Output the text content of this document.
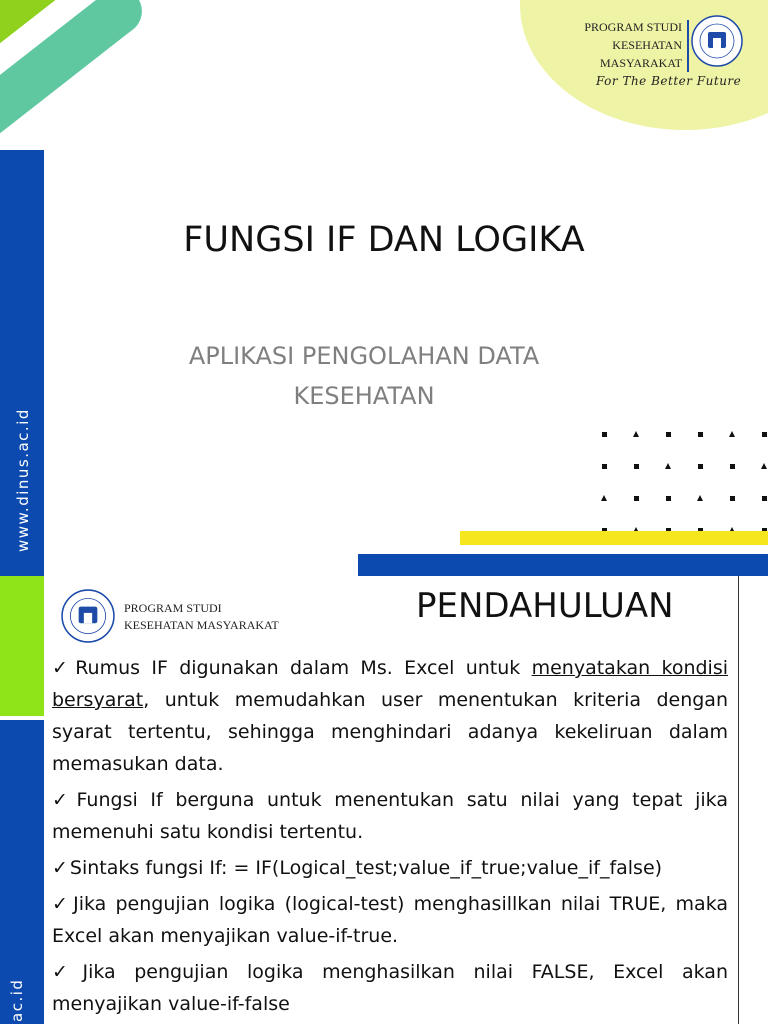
www.dinus.ac.id
PROGRAM STUDI
KESEHATAN
MASYARAKAT
For The Better Future
FUNGSI IF DAN LOGIKA
APLIKASI PENGOLAHAN DATA
KESEHATAN
ac.id
PROGRAM STUDI
KESEHATAN MASYARAKAT	PENDAHULUAN

✓ Rumus IF digunakan dalam Ms. Excel untuk menyatakan kondisi bersyarat, untuk memudahkan user menentukan kriteria dengan syarat tertentu, sehingga menghindari adanya kekeliruan dalam memasukan data.

✓ Fungsi If berguna untuk menentukan satu nilai yang tepat jika memenuhi satu kondisi tertentu.

✓ Sintaks fungsi If: = IF(Logical_test;value_if_true;value_if_false)

✓ Jika pengujian logika (logical-test) menghasillkan nilai TRUE, maka Excel akan menyajikan value-if-true.

✓ Jika pengujian logika menghasilkan nilai FALSE, Excel akan menyajikan value-if-false
